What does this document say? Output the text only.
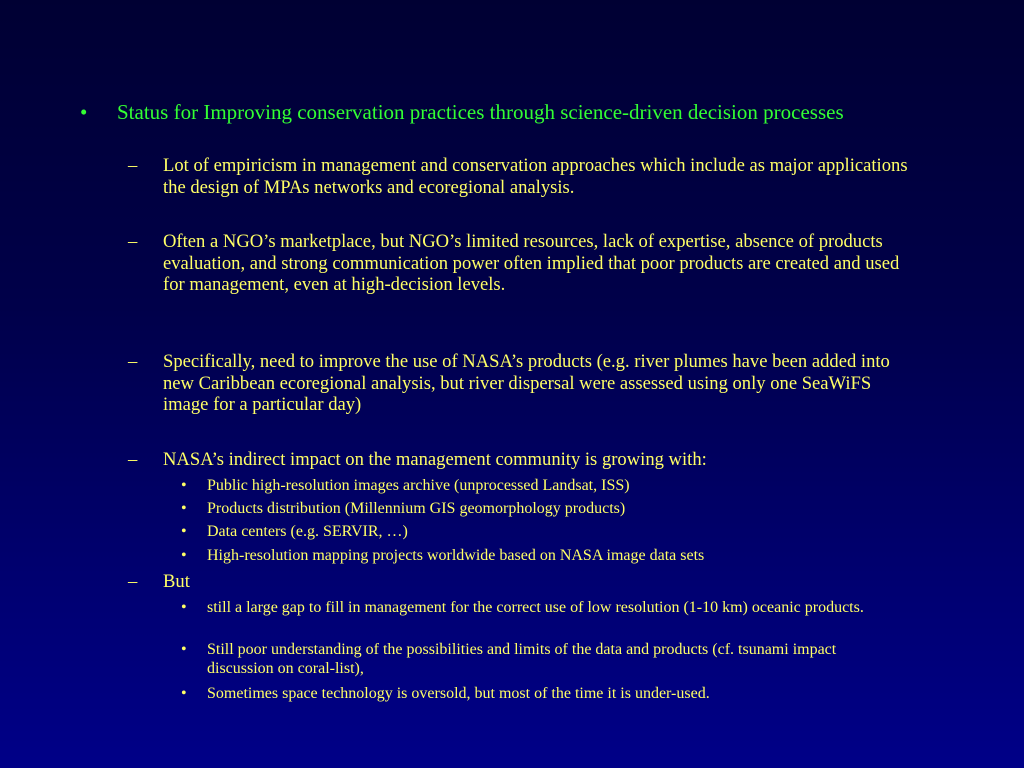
• Status for Improving conservation practices through science-driven decision processes
– Lot of empiricism in management and conservation approaches which include as major applications the design of MPAs networks and ecoregional analysis.
– Often a NGO’s marketplace, but NGO’s limited resources, lack of expertise, absence of products evaluation, and strong communication power often implied that poor products are created and used for management, even at high-decision levels.
– Specifically, need to improve the use of NASA’s products (e.g. river plumes have been added into new Caribbean ecoregional analysis, but river dispersal were assessed using only one SeaWiFS image for a particular day)
– NASA’s indirect impact on the management community is growing with:
• Public high-resolution images archive (unprocessed Landsat, ISS)
• Products distribution (Millennium GIS geomorphology products)
• Data centers (e.g. SERVIR, …)
• High-resolution mapping projects worldwide based on NASA image data sets
– But
• still a large gap to fill in management for the correct use of low resolution (1-10 km) oceanic products.
• Still poor understanding of the possibilities and limits of the data and products (cf. tsunami impact discussion on coral-list),
• Sometimes space technology is oversold, but most of the time it is under-used.
